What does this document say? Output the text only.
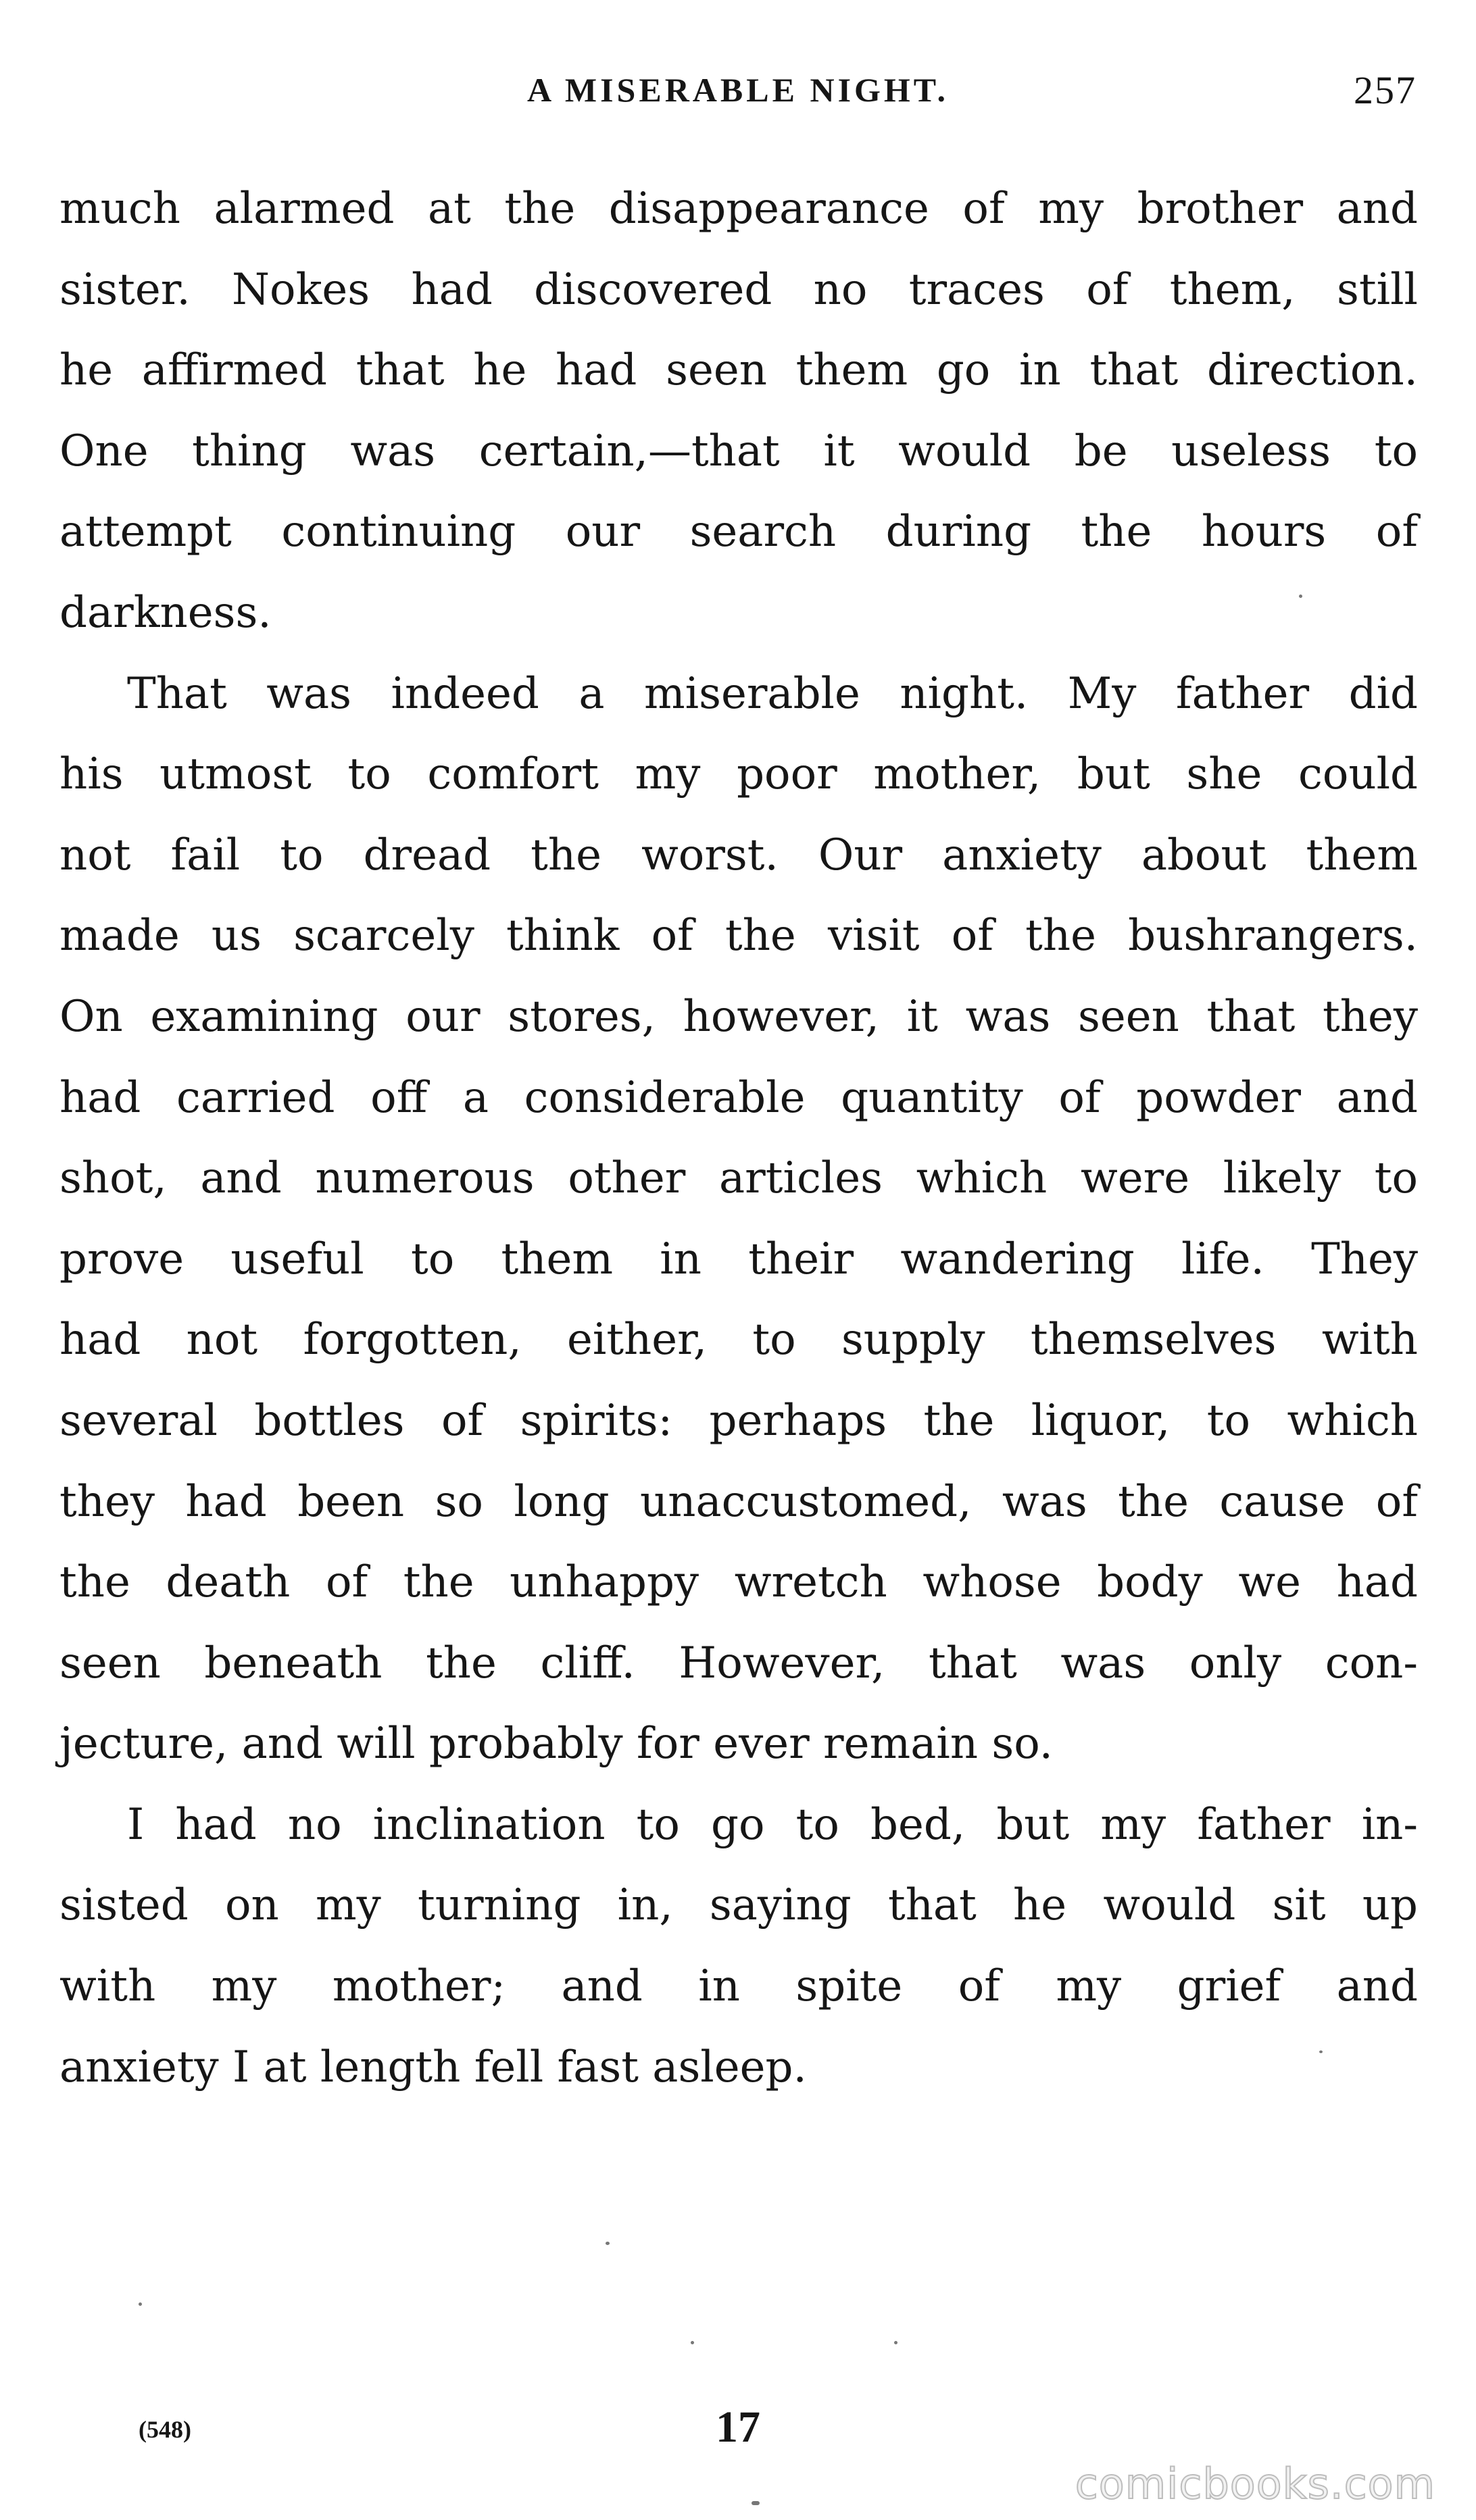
A MISERABLE NIGHT.	257

much alarmed at the disappearance of my brother and

sister. Nokes had discovered no traces of them, still

he affirmed that he had seen them go in that direction.

One thing was certain,—that it would be useless to

attempt continuing our search during the hours of

darkness.

That was indeed a miserable night. My father did

his utmost to comfort my poor mother, but she could

not fail to dread the worst. Our anxiety about them

made us scarcely think of the visit of the bushrangers.

On examining our stores, however, it was seen that they

had carried off a considerable quantity of powder and

shot, and numerous other articles which were likely to

prove useful to them in their wandering life. They

had not forgotten, either, to supply themselves with

several bottles of spirits: perhaps the liquor, to which

they had been so long unaccustomed, was the cause of

the death of the unhappy wretch whose body we had

seen beneath the cliff. However, that was only con-

jecture, and will probably for ever remain so.

I had no inclination to go to bed, but my father in-

sisted on my turning in, saying that he would sit up

with my mother; and in spite of my grief and

anxiety I at length fell fast asleep.

(548)	17
comicbooks.com
